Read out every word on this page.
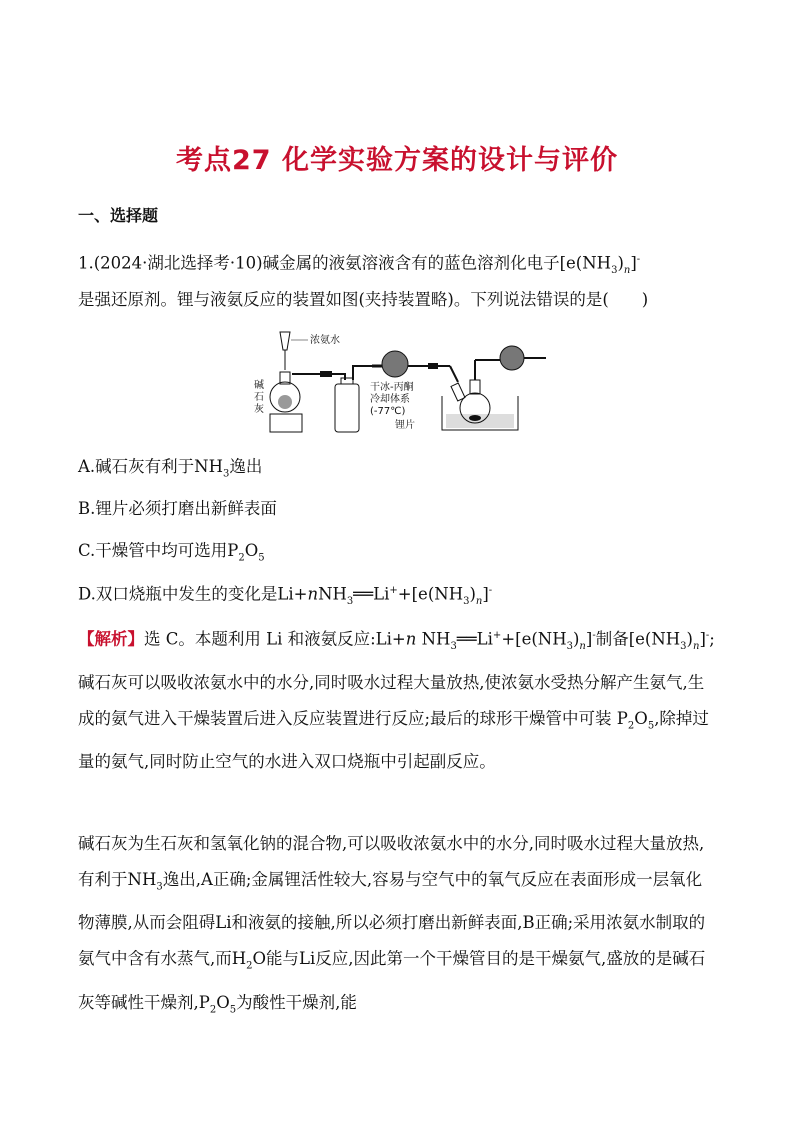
考点27 化学实验方案的设计与评价
一、选择题
1.(2024·湖北选择考·10)碱金属的液氨溶液含有的蓝色溶剂化电子$[e(NH_3)_n]^-$
是强还原剂。锂与液氨反应的装置如图(夹持装置略)。下列说法错误的是(　　)
浓氨水
碱
石
灰
干冰-丙酮
冷却体系
(-77℃)
锂片
A.碱石灰有利于$NH_3$逸出
B.锂片必须打磨出新鲜表面
C.干燥管中均可选用$P_2O_5$
D.双口烧瓶中发生的变化是$Li+nNH_3══Li^++[e(NH_3)_n]^-$
【解析】选 C。本题利用 Li 和液氨反应:Li+n $NH_3══Li^++[e(NH_3)_n]^-$制备$[e(NH_3)_n]^-$;碱石灰可以吸收浓氨水中的水分,同时吸水过程大量放热,使浓氨水受热分解产生氨气,生成的氨气进入干燥装置后进入反应装置进行反应;最后的球形干燥管中可装 $P_2O_5$,除掉过量的氨气,同时防止空气的水进入双口烧瓶中引起副反应。
碱石灰为生石灰和氢氧化钠的混合物,可以吸收浓氨水中的水分,同时吸水过程大量放热,有利于$NH_3$逸出,A正确;金属锂活性较大,容易与空气中的氧气反应在表面形成一层氧化物薄膜,从而会阻碍Li和液氨的接触,所以必须打磨出新鲜表面,B正确;采用浓氨水制取的氨气中含有水蒸气,而$H_2O$能与Li反应,因此第一个干燥管目的是干燥氨气,盛放的是碱石灰等碱性干燥剂$,P_2O_5$为酸性干燥剂,能
